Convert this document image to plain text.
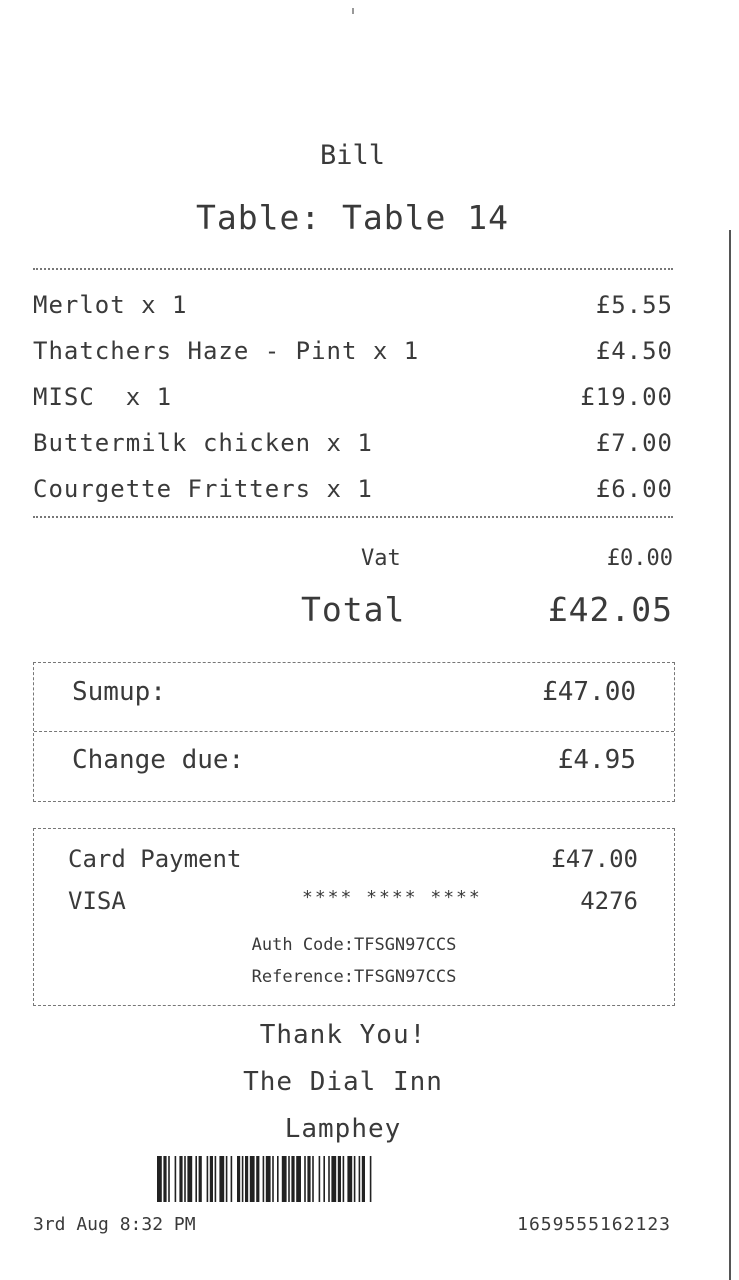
Bill
Table: Table 14
Merlot x 1	£5.55
Thatchers Haze - Pint x 1	£4.50
MISC  x 1	£19.00
Buttermilk chicken x 1	£7.00
Courgette Fritters x 1	£6.00
Vat	£0.00
Total	£42.05
Sumup:	£47.00
Change due:	£4.95
Card Payment	£47.00
VISA	**** **** ****	4276
Auth Code:TFSGN97CCS
Reference:TFSGN97CCS
Thank You!
The Dial Inn
Lamphey
3rd Aug 8:32 PM	1659555162123
